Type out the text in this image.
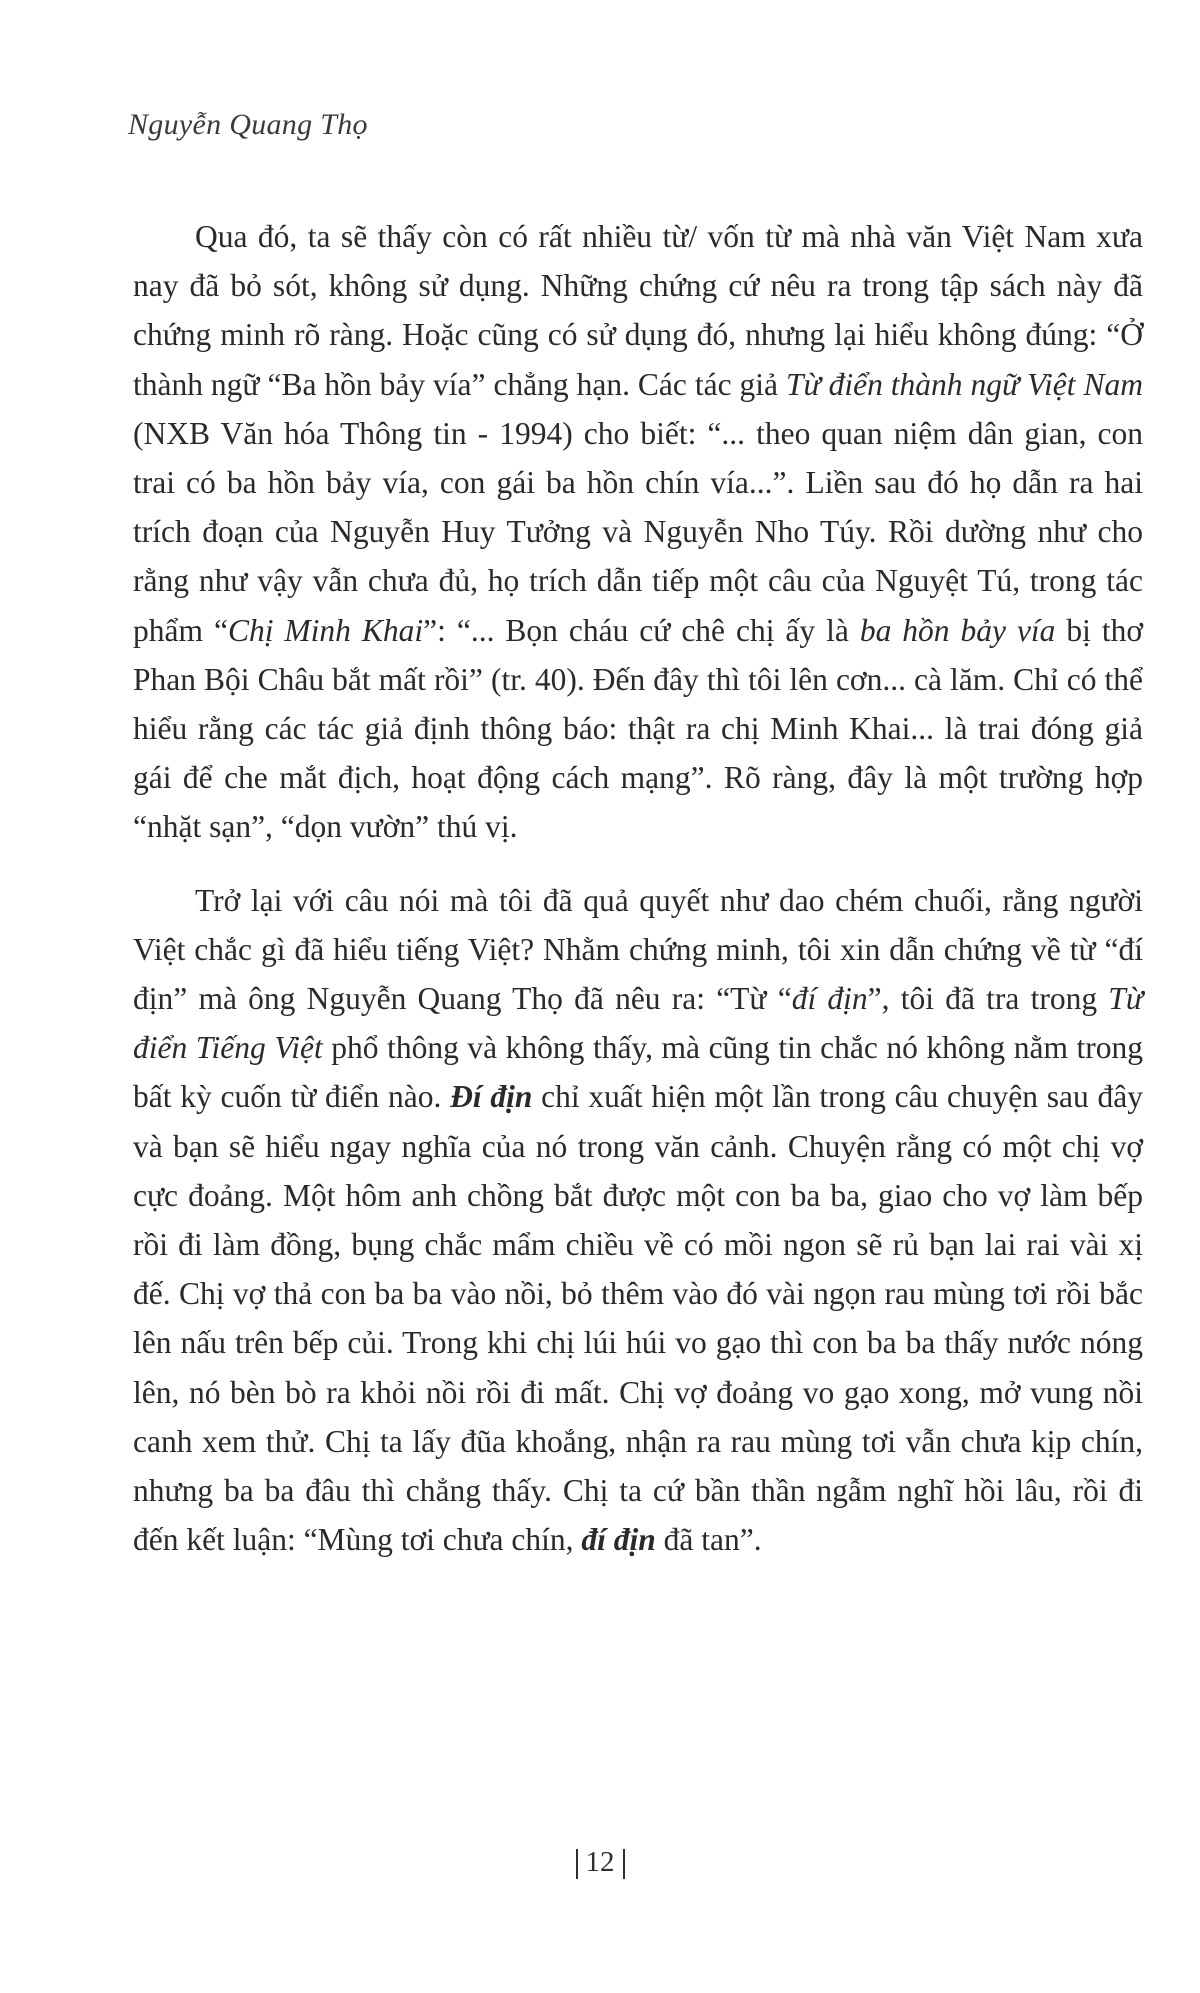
Nguyễn Quang Thọ

Qua đó, ta sẽ thấy còn có rất nhiều từ/ vốn từ mà nhà văn Việt Nam xưa nay đã bỏ sót, không sử dụng. Những chứng cứ nêu ra trong tập sách này đã chứng minh rõ ràng. Hoặc cũng có sử dụng đó, nhưng lại hiểu không đúng: “Ở thành ngữ “Ba hồn bảy vía” chẳng hạn. Các tác giả Từ điển thành ngữ Việt Nam (NXB Văn hóa Thông tin - 1994) cho biết: “... theo quan niệm dân gian, con trai có ba hồn bảy vía, con gái ba hồn chín vía...”. Liền sau đó họ dẫn ra hai trích đoạn của Nguyễn Huy Tưởng và Nguyễn Nho Túy. Rồi dường như cho rằng như vậy vẫn chưa đủ, họ trích dẫn tiếp một câu của Nguyệt Tú, trong tác phẩm “Chị Minh Khai”: “... Bọn cháu cứ chê chị ấy là ba hồn bảy vía bị thơ Phan Bội Châu bắt mất rồi” (tr. 40). Đến đây thì tôi lên cơn... cà lăm. Chỉ có thể hiểu rằng các tác giả định thông báo: thật ra chị Minh Khai... là trai đóng giả gái để che mắt địch, hoạt động cách mạng”. Rõ ràng, đây là một trường hợp “nhặt sạn”, “dọn vườn” thú vị.

Trở lại với câu nói mà tôi đã quả quyết như dao chém chuối, rằng người Việt chắc gì đã hiểu tiếng Việt? Nhằm chứng minh, tôi xin dẫn chứng về từ “đí địn” mà ông Nguyễn Quang Thọ đã nêu ra: “Từ “đí địn”, tôi đã tra trong Từ điển Tiếng Việt phổ thông và không thấy, mà cũng tin chắc nó không nằm trong bất kỳ cuốn từ điển nào. Đí địn chỉ xuất hiện một lần trong câu chuyện sau đây và bạn sẽ hiểu ngay nghĩa của nó trong văn cảnh. Chuyện rằng có một chị vợ cực đoảng. Một hôm anh chồng bắt được một con ba ba, giao cho vợ làm bếp rồi đi làm đồng, bụng chắc mẩm chiều về có mồi ngon sẽ rủ bạn lai rai vài xị đế. Chị vợ thả con ba ba vào nồi, bỏ thêm vào đó vài ngọn rau mùng tơi rồi bắc lên nấu trên bếp củi. Trong khi chị lúi húi vo gạo thì con ba ba thấy nước nóng lên, nó bèn bò ra khỏi nồi rồi đi mất. Chị vợ đoảng vo gạo xong, mở vung nồi canh xem thử. Chị ta lấy đũa khoắng, nhận ra rau mùng tơi vẫn chưa kịp chín, nhưng ba ba đâu thì chẳng thấy. Chị ta cứ bần thần ngẫm nghĩ hồi lâu, rồi đi đến kết luận: “Mùng tơi chưa chín, đí địn đã tan”.

12
